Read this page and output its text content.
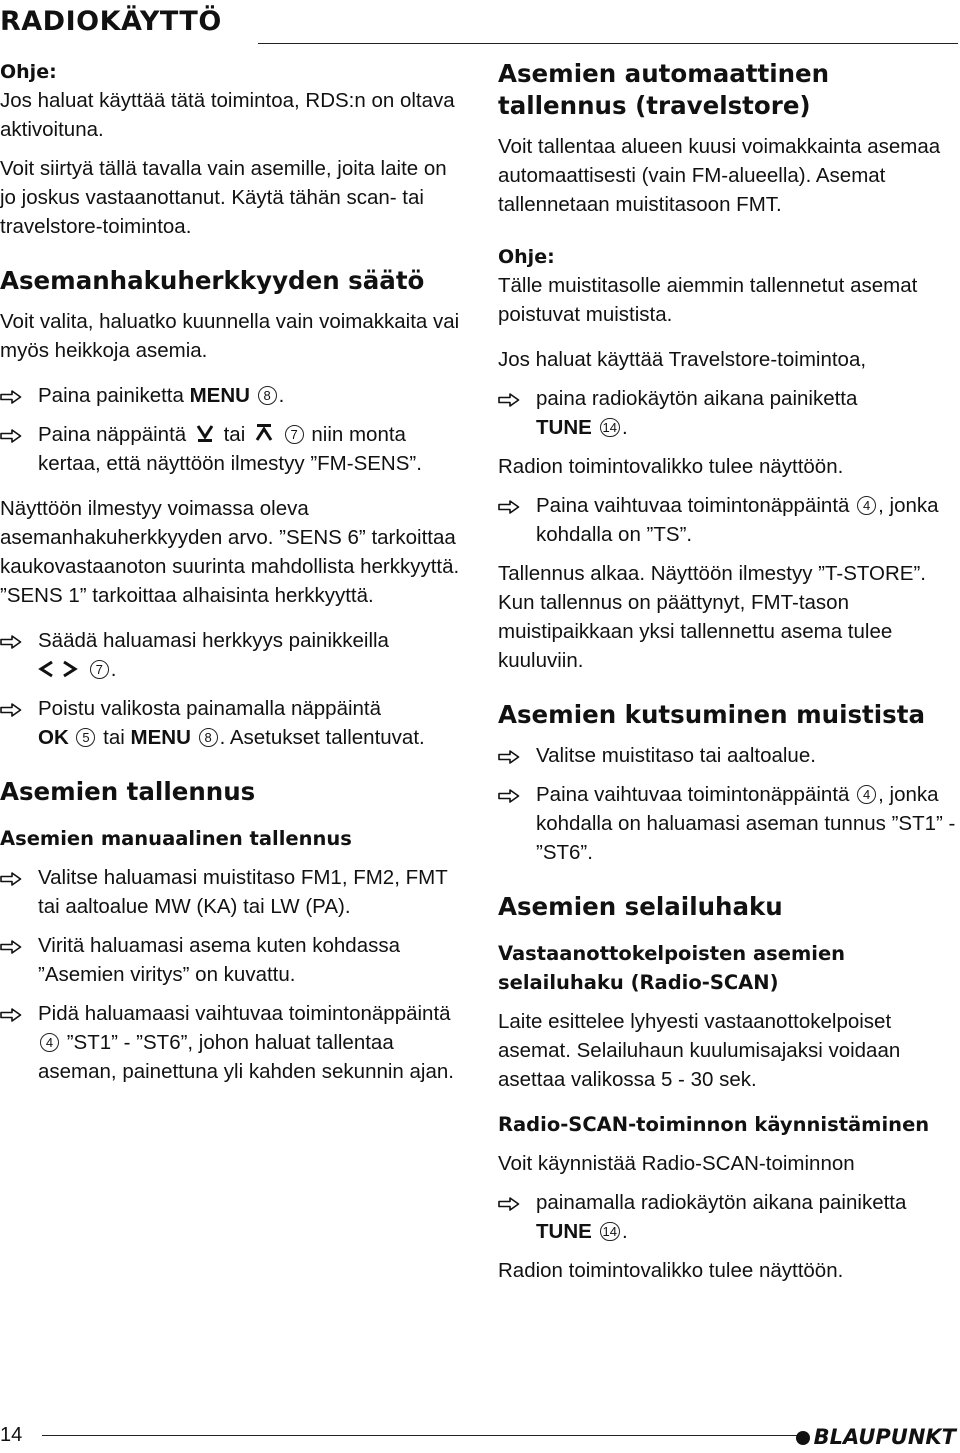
RADIOKÄYTTÖ
Ohje:

Jos haluat käyttää tätä toimintoa, RDS:n on oltava aktivoituna.

Voit siirtyä tällä tavalla vain asemille, joita laite on jo joskus vastaanottanut. Käytä tähän scan- tai travelstore-toimintoa.

Asemanhakuherkkyyden säätö

Voit valita, haluatko kuunnella vain voimakkaita vai myös heikkoja asemia.

Paina painiketta MENU 8 .
Paina näppäintä tai	7 niin monta kertaa, että näyttöön ilmestyy ”FM-SENS”.

Näyttöön ilmestyy voimassa oleva asemanhakuherkkyyden arvo. ”SENS 6” tarkoittaa kaukovastaanoton suurinta mahdollista herkkyyttä. ”SENS 1” tarkoittaa alhaisinta herkkyyttä.

Säädä haluamasi herkkyys painikkeilla
7 .
Poistu valikosta painamalla näppäintä
OK 5 tai MENU 8 . Asetukset tallentuvat.
Asemien tallennus
Asemien manuaalinen tallennus
Valitse haluamasi muistitaso FM1, FM2, FMT tai aaltoalue MW (KA) tai LW (PA).
Viritä haluamasi asema kuten kohdassa ”Asemien viritys” on kuvattu.
Pidä haluamaasi vaihtuvaa toimintonäppäintä 4 ”ST1” - ”ST6”, johon haluat tallentaa aseman, painettuna yli kahden sekunnin ajan.
Asemien automaattinen tallennus (travelstore)

Voit tallentaa alueen kuusi voimakkainta asemaa automaattisesti (vain FM-alueella). Asemat tallennetaan muistitasoon FMT.

Ohje:

Tälle muistitasolle aiemmin tallennetut asemat poistuvat muistista.

Jos haluat käyttää Travelstore-toimintoa,

paina radiokäytön aikana painiketta
TUNE 14 .

Radion toimintovalikko tulee näyttöön.

Paina vaihtuvaa toimintonäppäintä 4 , jonka kohdalla on ”TS”.

Tallennus alkaa. Näyttöön ilmestyy ”T-STORE”. Kun tallennus on päättynyt, FMT-tason muistipaikkaan yksi tallennettu asema tulee kuuluviin.

Asemien kutsuminen muistista
Valitse muistitaso tai aaltoalue.
Paina vaihtuvaa toimintonäppäintä 4 , jonka kohdalla on haluamasi aseman tunnus ”ST1” - ”ST6”.
Asemien selailuhaku
Vastaanottokelpoisten asemien selailuhaku (Radio-SCAN)

Laite esittelee lyhyesti vastaanottokelpoiset asemat. Selailuhaun kuulumisajaksi voidaan asettaa valikossa 5 - 30 sek.

Radio-SCAN-toiminnon käynnistäminen

Voit käynnistää Radio-SCAN-toiminnon

painamalla radiokäytön aikana painiketta TUNE 14 .

Radion toimintovalikko tulee näyttöön.

14	BLAUPUNKT
